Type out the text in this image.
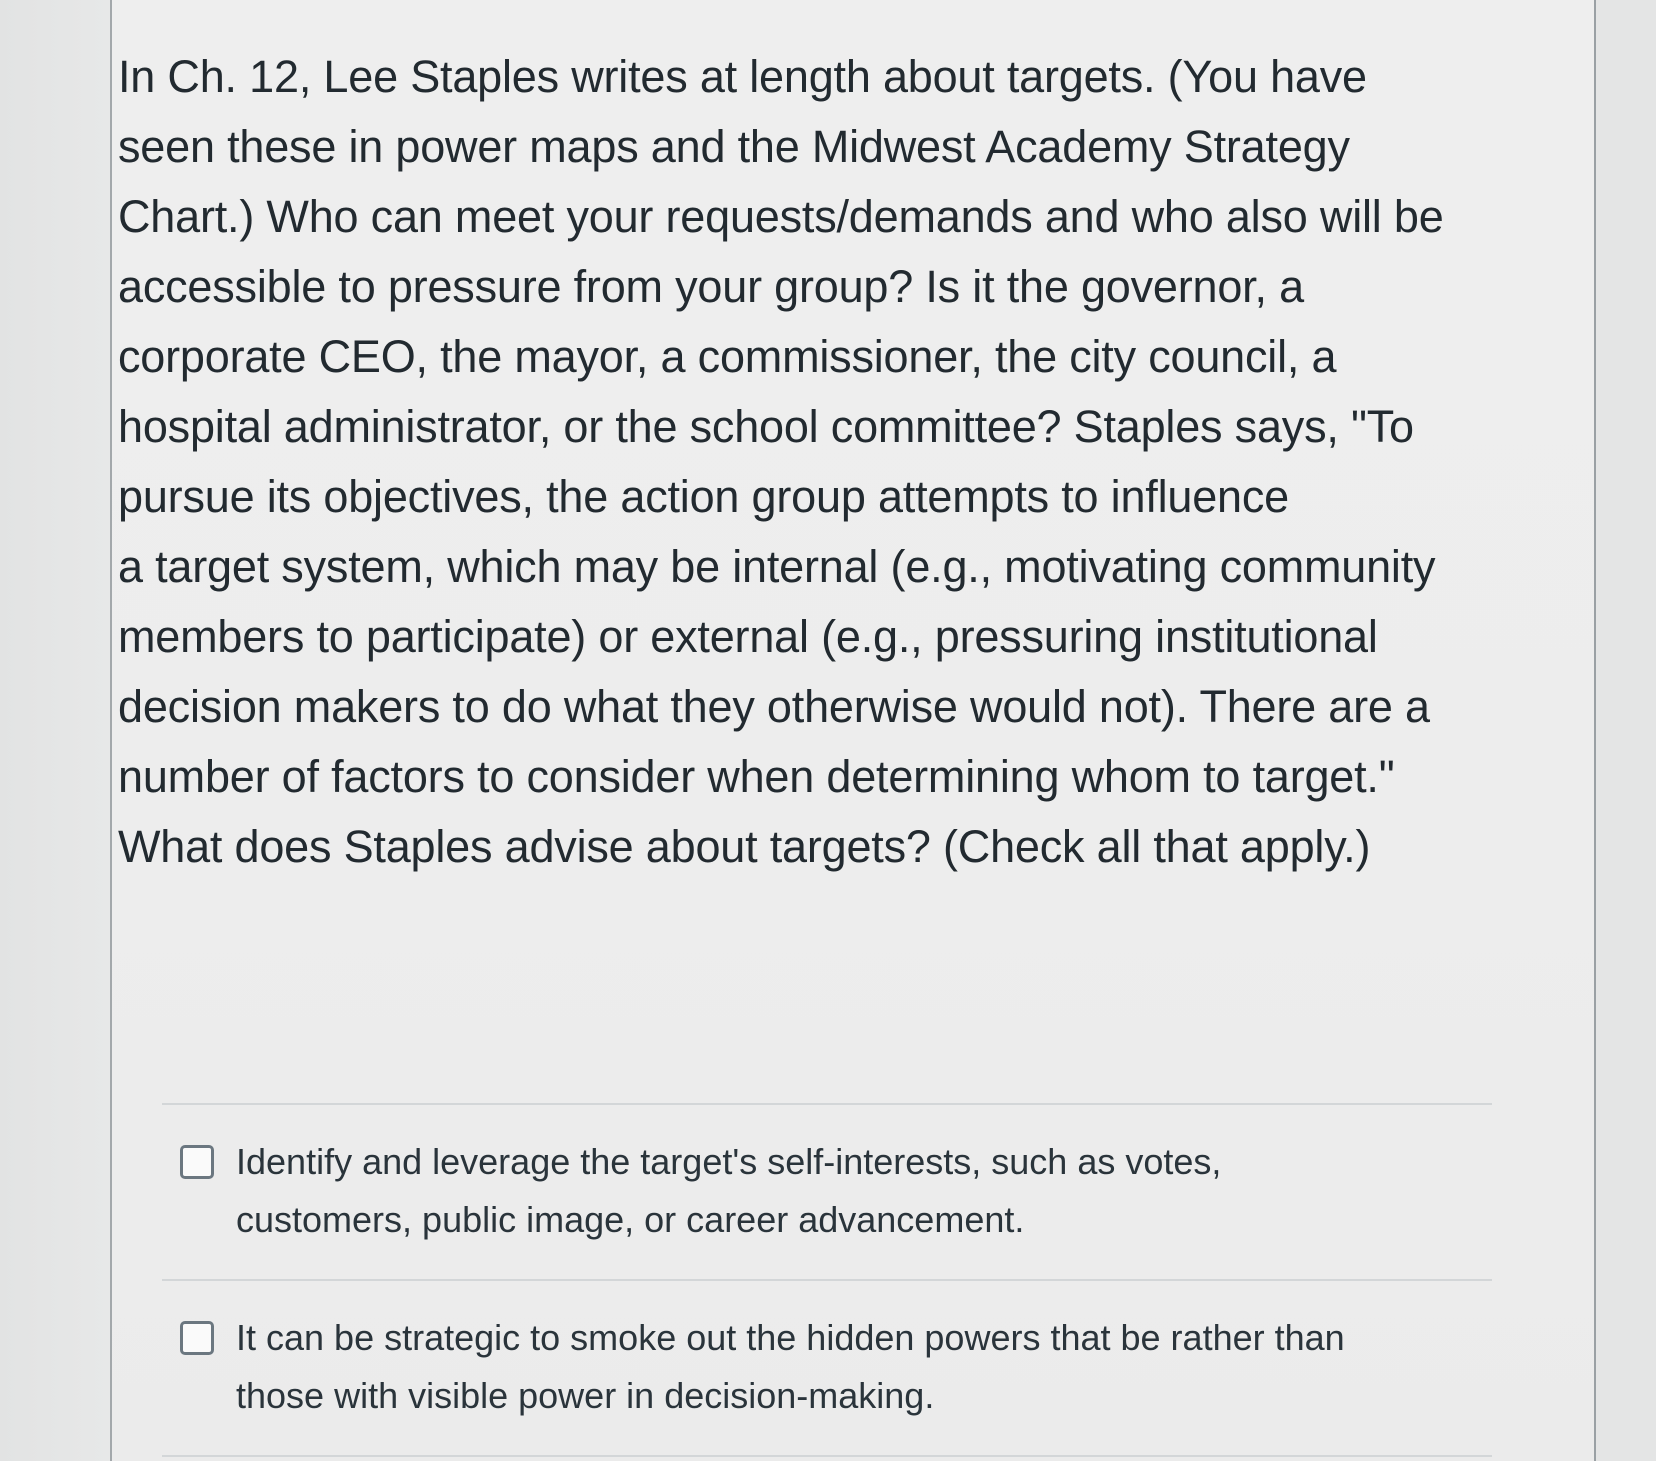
In Ch. 12, Lee Staples writes at length about targets. (You have
seen these in power maps and the Midwest Academy Strategy
Chart.) Who can meet your requests/demands and who also will be
accessible to pressure from your group? Is it the governor, a
corporate CEO, the mayor, a commissioner, the city council, a
hospital administrator, or the school committee? Staples says, "To
pursue its objectives, the action group attempts to influence
a target system, which may be internal (e.g., motivating community
members to participate) or external (e.g., pressuring institutional
decision makers to do what they otherwise would not). There are a
number of factors to consider when determining whom to target."
What does Staples advise about targets? (Check all that apply.)

Identify and leverage the target's self-interests, such as votes,
customers, public image, or career advancement.
It can be strategic to smoke out the hidden powers that be rather than
those with visible power in decision-making.
